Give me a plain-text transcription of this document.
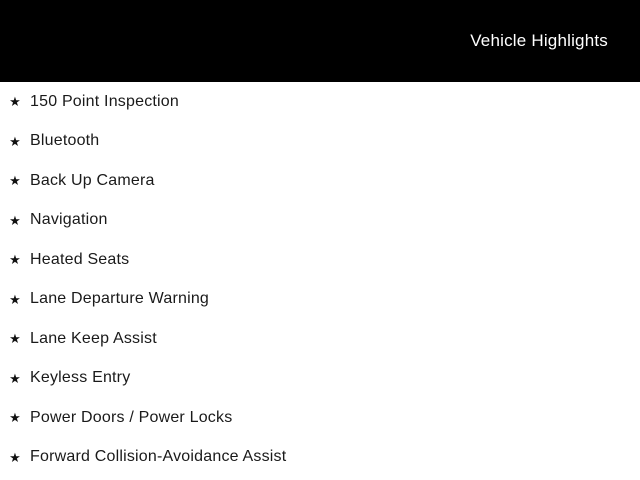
Vehicle Highlights
★ 150 Point Inspection
★ Bluetooth
★ Back Up Camera
★ Navigation
★ Heated Seats
★ Lane Departure Warning
★ Lane Keep Assist
★ Keyless Entry
★ Power Doors / Power Locks
★ Forward Collision-Avoidance Assist
